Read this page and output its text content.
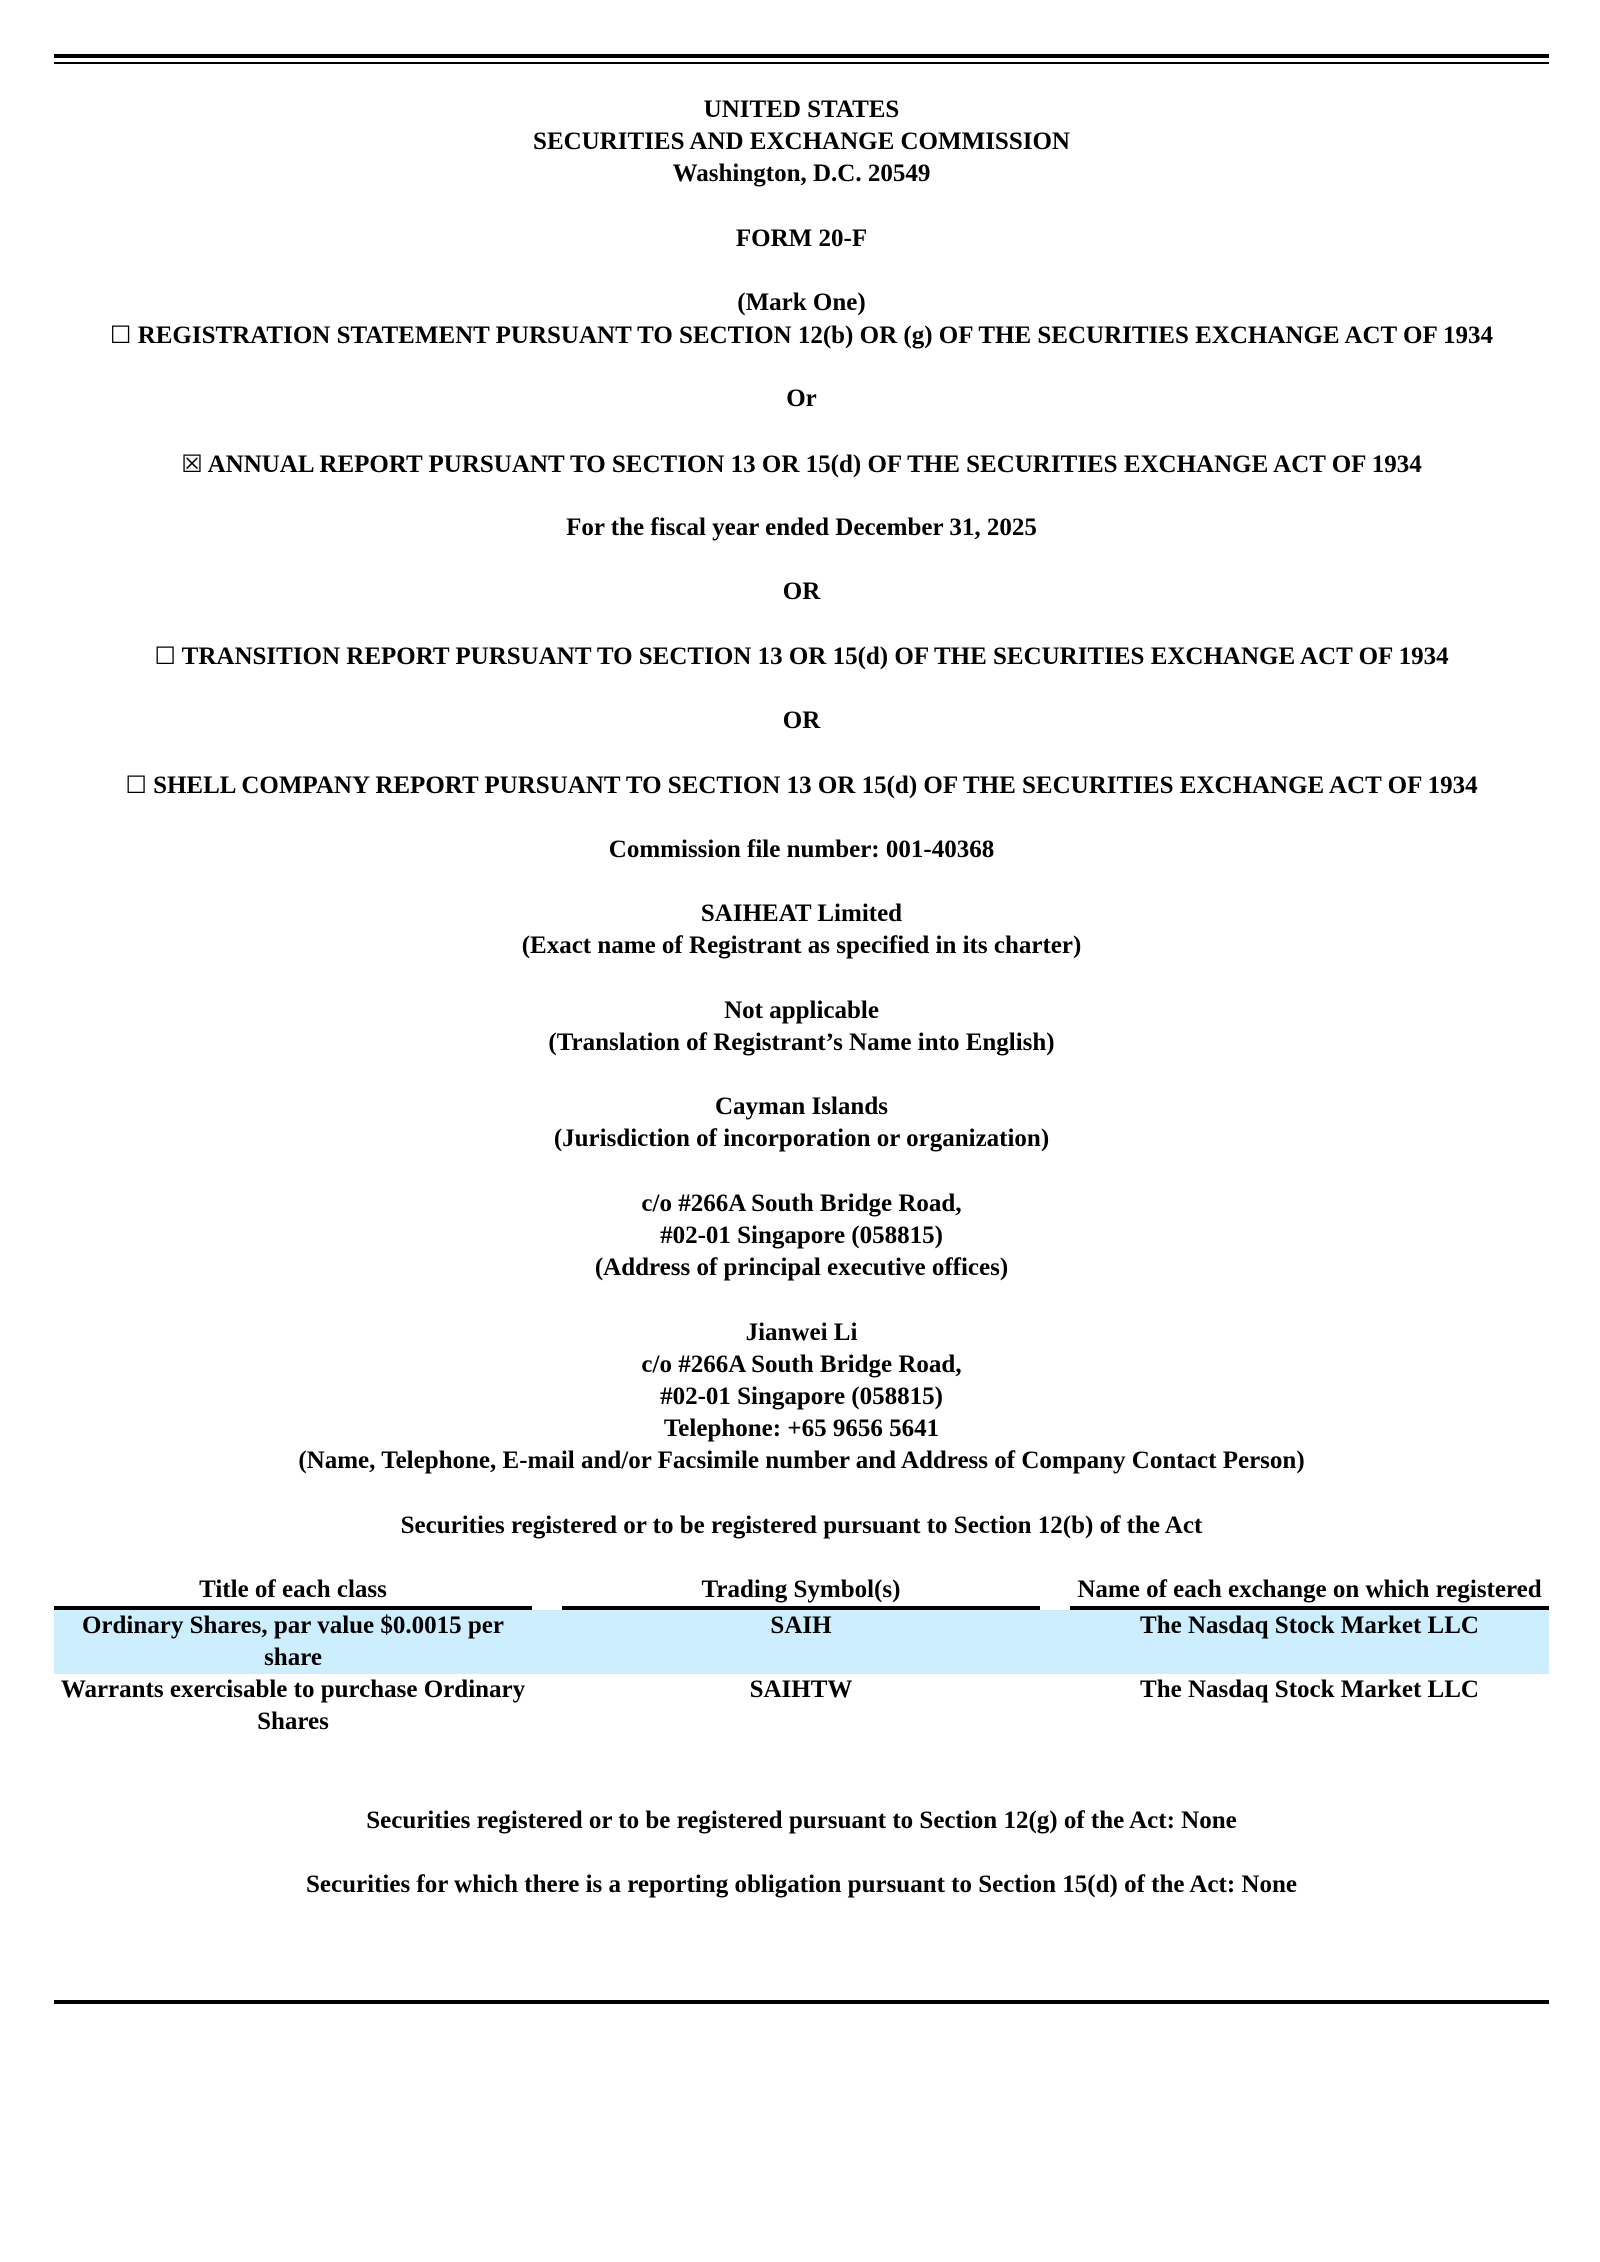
UNITED STATES
SECURITIES AND EXCHANGE COMMISSION
Washington, D.C. 20549
FORM 20-F
(Mark One)
☐ REGISTRATION STATEMENT PURSUANT TO SECTION 12(b) OR (g) OF THE SECURITIES EXCHANGE ACT OF 1934
Or
☒ ANNUAL REPORT PURSUANT TO SECTION 13 OR 15(d) OF THE SECURITIES EXCHANGE ACT OF 1934
For the fiscal year ended December 31, 2025
OR
☐ TRANSITION REPORT PURSUANT TO SECTION 13 OR 15(d) OF THE SECURITIES EXCHANGE ACT OF 1934
OR
☐ SHELL COMPANY REPORT PURSUANT TO SECTION 13 OR 15(d) OF THE SECURITIES EXCHANGE ACT OF 1934
Commission file number: 001-40368
SAIHEAT Limited
(Exact name of Registrant as specified in its charter)
Not applicable
(Translation of Registrant’s Name into English)
Cayman Islands
(Jurisdiction of incorporation or organization)
c/o #266A South Bridge Road,
#02-01 Singapore (058815)
(Address of principal executive offices)
Jianwei Li
c/o #266A South Bridge Road,
#02-01 Singapore (058815)
Telephone: +65 9656 5641
(Name, Telephone, E-mail and/or Facsimile number and Address of Company Contact Person)
Securities registered or to be registered pursuant to Section 12(b) of the Act
Title of each class		Trading Symbol(s)		Name of each exchange on which registered
Ordinary Shares, par value $0.0015 per share		SAIH		The Nasdaq Stock Market LLC
Warrants exercisable to purchase Ordinary Shares		SAIHTW		The Nasdaq Stock Market LLC
Securities registered or to be registered pursuant to Section 12(g) of the Act: None
Securities for which there is a reporting obligation pursuant to Section 15(d) of the Act: None
